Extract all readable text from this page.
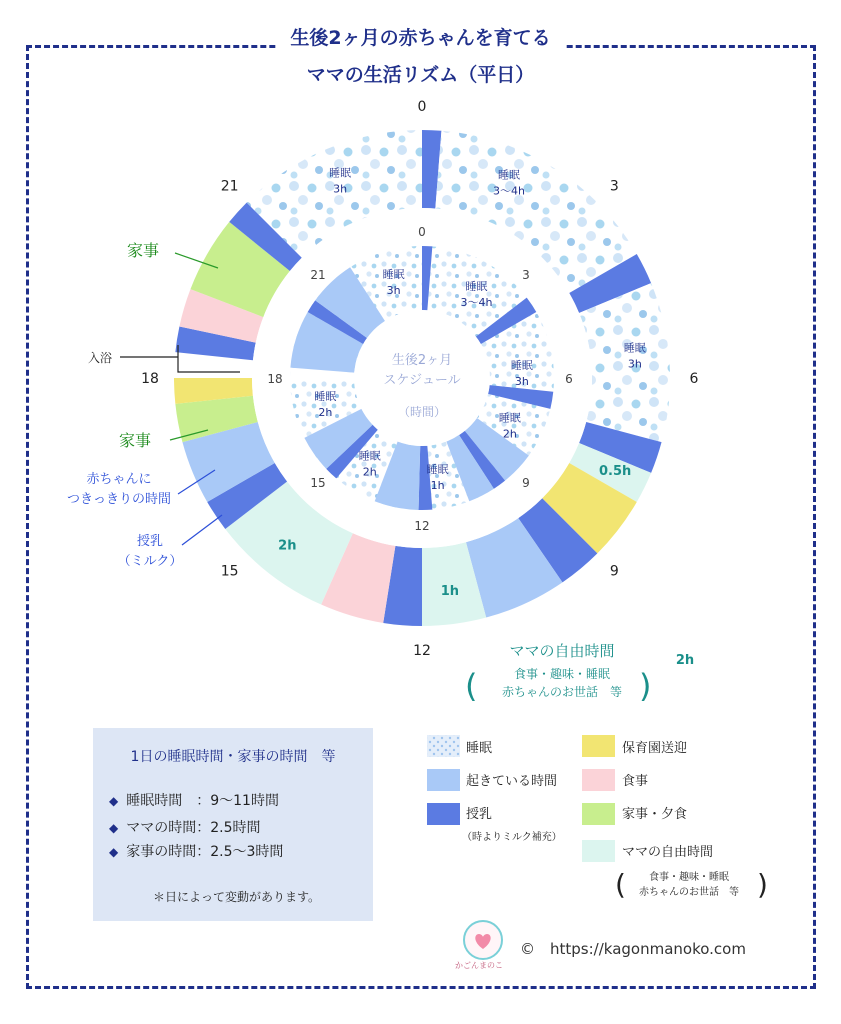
生後2ヶ月の赤ちゃんを育てる
ママの生活リズム（平日）
0
3
6
9
12
15
18
21
0
3
6
9
12
15
18
21
睡眠
3h
睡眠
3〜4h
睡眠
3h
0.5h
1h
2h
睡眠
3h	睡眠
3〜4h
睡眠
3h
睡眠
2h
睡眠
1h
睡眠
2h
睡眠
2h
生後2ヶ月
スケジュール
（時間）
家事
入浴
家事
赤ちゃんに
つきっきりの時間
授乳
（ミルク）
ママの自由時間
(	)
食事・趣味・睡眠
赤ちゃんのお世話　等
2h
睡眠
起きている時間
授乳
（時よりミルク補充）
保育園送迎
食事
家事・夕食
ママの自由時間
(	)
食事・趣味・睡眠
赤ちゃんのお世話　等
1日の睡眠時間・家事の時間　等
◆ 睡眠時間　：9〜11時間
◆ ママの時間：2.5時間
◆ 家事の時間：2.5〜3時間
＊日によって変動があります。
かごんまのこ
©　https://kagonmanoko.com
